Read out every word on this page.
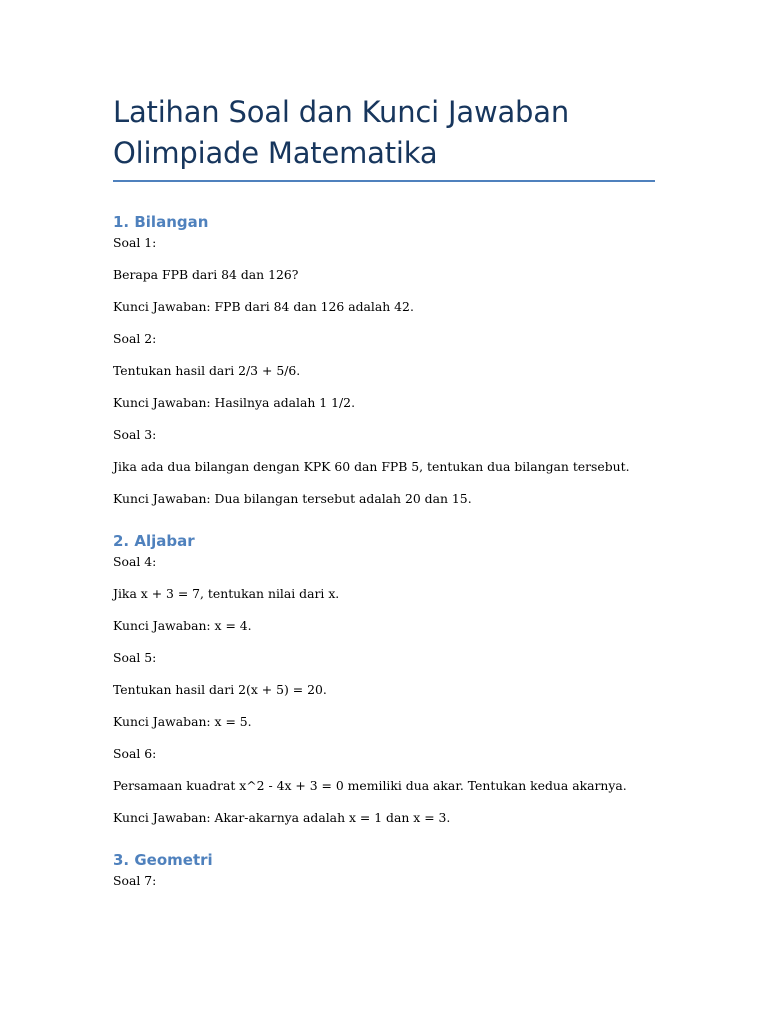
Latihan Soal dan Kunci Jawaban
Olimpiade Matematika
1. Bilangan

Soal 1:

Berapa FPB dari 84 dan 126?

Kunci Jawaban: FPB dari 84 dan 126 adalah 42.

Soal 2:

Tentukan hasil dari 2/3 + 5/6.

Kunci Jawaban: Hasilnya adalah 1 1/2.

Soal 3:

Jika ada dua bilangan dengan KPK 60 dan FPB 5, tentukan dua bilangan tersebut.

Kunci Jawaban: Dua bilangan tersebut adalah 20 dan 15.

2. Aljabar

Soal 4:

Jika x + 3 = 7, tentukan nilai dari x.

Kunci Jawaban: x = 4.

Soal 5:

Tentukan hasil dari 2(x + 5) = 20.

Kunci Jawaban: x = 5.

Soal 6:

Persamaan kuadrat x^2 - 4x + 3 = 0 memiliki dua akar. Tentukan kedua akarnya.

Kunci Jawaban: Akar-akarnya adalah x = 1 dan x = 3.

3. Geometri

Soal 7:
